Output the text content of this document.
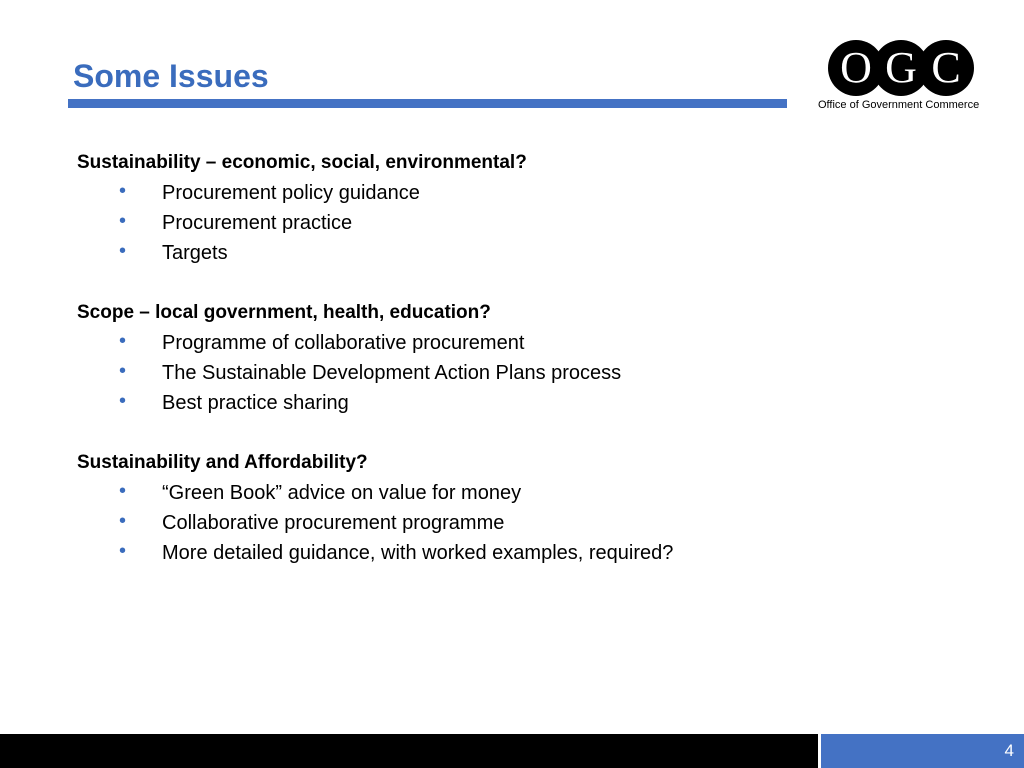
Some Issues	O G C
Office of Government Commerce
Sustainability – economic, social, environmental?
• Procurement policy guidance
• Procurement practice
• Targets
Scope – local government, health, education?
• Programme of collaborative procurement
• The Sustainable Development Action Plans process
• Best practice sharing
Sustainability and Affordability?
• “Green Book” advice on value for money
• Collaborative procurement programme
• More detailed guidance, with worked examples, required?
4
